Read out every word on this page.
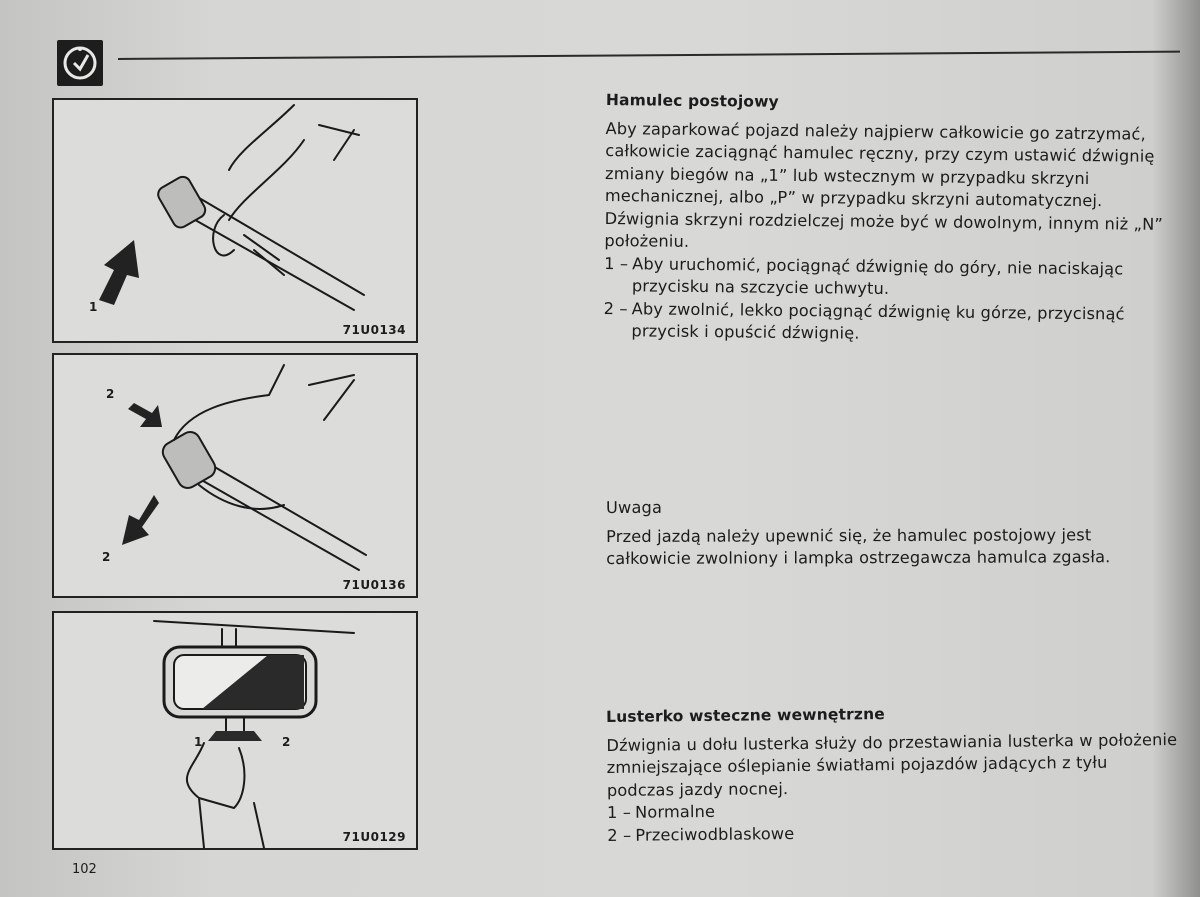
1
71U0134
2
2
71U0136
1	2
71U0129
102
Hamulec postojowy

Aby zaparkować pojazd należy najpierw całkowicie go zatrzymać, całkowicie zaciągnąć hamulec ręczny, przy czym ustawić dźwignię zmiany biegów na „1” lub wstecznym w przypadku skrzyni mechanicznej, albo „P” w przypadku skrzyni automatycznej. Dźwignia skrzyni rozdzielczej może być w dowolnym, innym niż „N” położeniu.

1 – Aby uruchomić, pociągnąć dźwignię do góry, nie naciskając przycisku na szczycie uchwytu.
2 – Aby zwolnić, lekko pociągnąć dźwignię ku górze, przycisnąć przycisk i opuścić dźwignię.
Uwaga

Przed jazdą należy upewnić się, że hamulec postojowy jest całkowicie zwolniony i lampka ostrzegawcza hamulca zgasła.

Lusterko wsteczne wewnętrzne

Dźwignia u dołu lusterka służy do przestawiania lusterka w położenie zmniejszające oślepianie światłami pojazdów jadących z tyłu podczas jazdy nocnej.

1 – Normalne
2 – Przeciwodblaskowe
